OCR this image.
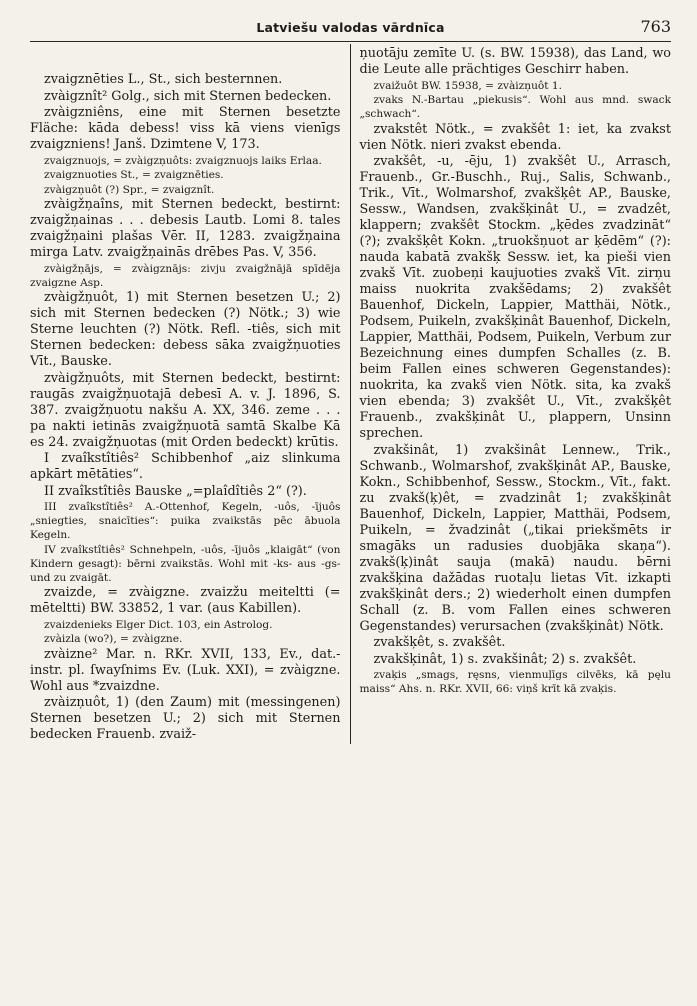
Latviešu valodas vārdnīca	763

zvaigznēties L., St., sich besternnen.

zvàigznît² Golg., sich mit Sternen bedecken.

zvàigzniêns, eine mit Sternen besetzte Fläche: kāda debess! viss kā viens vienīgs zvaigzniens! Janš. Dzimtene V, 173.

zvaigznuojs, = zvàigzņuôts: zvaigznuojs laiks Erlaa.

zvaigznuoties St., = zvaigznēties.

zvàigzņuôt (?) Spr., = zvaigznît.

zvàigžņaîns, mit Sternen bedeckt, bestirnt: zvaigžņainas . . . debesis Lautb. Lomi 8. tales zvaigžņaini plašas Vēr. II, 1283. zvaigžņaina mirga Latv. zvaigžņainās drēbes Pas. V, 356.

zvàigžņājs, = zvàigznājs: zivju zvaigžnājā spīdēja zvaigzne Asp.

zvàigžņuôt, 1) mit Sternen besetzen U.; 2) sich mit Sternen bedecken (?) Nötk.; 3) wie Sterne leuchten (?) Nötk. Refl. -tiês, sich mit Sternen bedecken: debess sāka zvaigžņuoties Vīt., Bauske.

zvàigžņuôts, mit Sternen bedeckt, bestirnt: raugās zvaigžņuotajā debesī A. v. J. 1896, S. 387. zvaigžņuotu nakšu A. XX, 346. zeme . . . pa nakti ietinās zvaigžņuotā samtā Skalbe Kā es 24. zvaigžņuotas (mit Orden bedeckt) krūtis.

I zvaîkstîtiês² Schibbenhof „aiz slinkuma apkārt mētāties“.

II zvaîkstîtiês Bauske „=plaîdîtiês 2“ (?).

III zvaîkstîtiês² A.-Ottenhof, Kegeln, -uôs, -ījuôs „sniegties, snaicīties“: puika zvaikstās pēc ābuola Kegeln.

IV zvaîkstîtiês² Schnehpeln, -uôs, -ījuôs „klaigāt“ (von Kindern gesagt): bērni zvaikstās. Wohl mit -ks- aus -gs- und zu zvaigāt.

zvaizde, = zvàigzne. zvaizžu meiteltti (= mēteltti) BW. 33852, 1 var. (aus Kabillen).

zvaizdenieks Elger Dict. 103, ein Astrolog.

zvàizla (wo?), = zvàigzne.

zvàizne² Mar. n. RKr. XVII, 133, Ev., dat.-instr. pl. ſwayſnims Ev. (Luk. XXI), = zvàigzne. Wohl aus *zvaizdne.

zvàizņuôt, 1) (den Zaum) mit (messingenen) Sternen besetzen U.; 2) sich mit Sternen bedecken Frauenb. zvaiž-

ņuotāju zemīte U. (s. BW. 15938), das Land, wo die Leute alle prächtiges Geschirr haben.

zvaižuôt BW. 15938, = zvàizņuôt 1.

zvaks N.-Bartau „piekusis“. Wohl aus mnd. swack „schwach“.

zvakstêt Nötk., = zvakšêt 1: iet, ka zvakst vien Nötk. nieri zvakst ebenda.

zvakšêt, -u, -ēju, 1) zvakšêt U., Arrasch, Frauenb., Gr.-Buschh., Ruj., Salis, Schwanb., Trik., Vīt., Wolmarshof, zvakšķêt AP., Bauske, Sessw., Wandsen, zvakšķinât U., = zvadzêt, klappern; zvakšêt Stockm. „ķēdes zvadzināt“ (?); zvakšķêt Kokn. „truokšņuot ar ķēdēm“ (?): nauda kabatā zvakšķ Sessw. iet, ka pieši vien zvakš Vīt. zuobeņi kaujuoties zvakš Vīt. zirņu maiss nuokrita zvakšēdams; 2) zvakšêt Bauenhof, Dickeln, Lappier, Matthäi, Nötk., Podsem, Puikeln, zvakšķinât Bauenhof, Dickeln, Lappier, Matthäi, Podsem, Puikeln, Verbum zur Bezeichnung eines dumpfen Schalles (z. B. beim Fallen eines schweren Gegenstandes): nuokrita, ka zvakš vien Nötk. sita, ka zvakš vien ebenda; 3) zvakšêt U., Vīt., zvakšķêt Frauenb., zvakšķinât U., plappern, Unsinn sprechen.

zvakšinât, 1) zvakšinât Lennew., Trik., Schwanb., Wolmarshof, zvakšķinât AP., Bauske, Kokn., Schibbenhof, Sessw., Stockm., Vīt., fakt. zu zvakš(ķ)êt, = zvadzinât 1; zvakšķinât Bauenhof, Dickeln, Lappier, Matthäi, Podsem, Puikeln, = žvadzinât („tikai priekšmēts ir smagāks un radusies duobjāka skaņa“). zvakš(ķ)inât sauja (makā) naudu. bērni zvakšķina dažādas ruotaļu lietas Vīt. izkapti zvakšķinât ders.; 2) wiederholt einen dumpfen Schall (z. B. vom Fallen eines schweren Gegenstandes) verursachen (zvakšķinât) Nötk.

zvakšķêt, s. zvakšêt.

zvakšķinât, 1) s. zvakšinât; 2) s. zvakšêt.

zvaķis „smags, ręsns, vienmuļīgs cilvēks, kā pęlu maiss“ Ahs. n. RKr. XVII, 66: viņš krīt kā zvaķis.
